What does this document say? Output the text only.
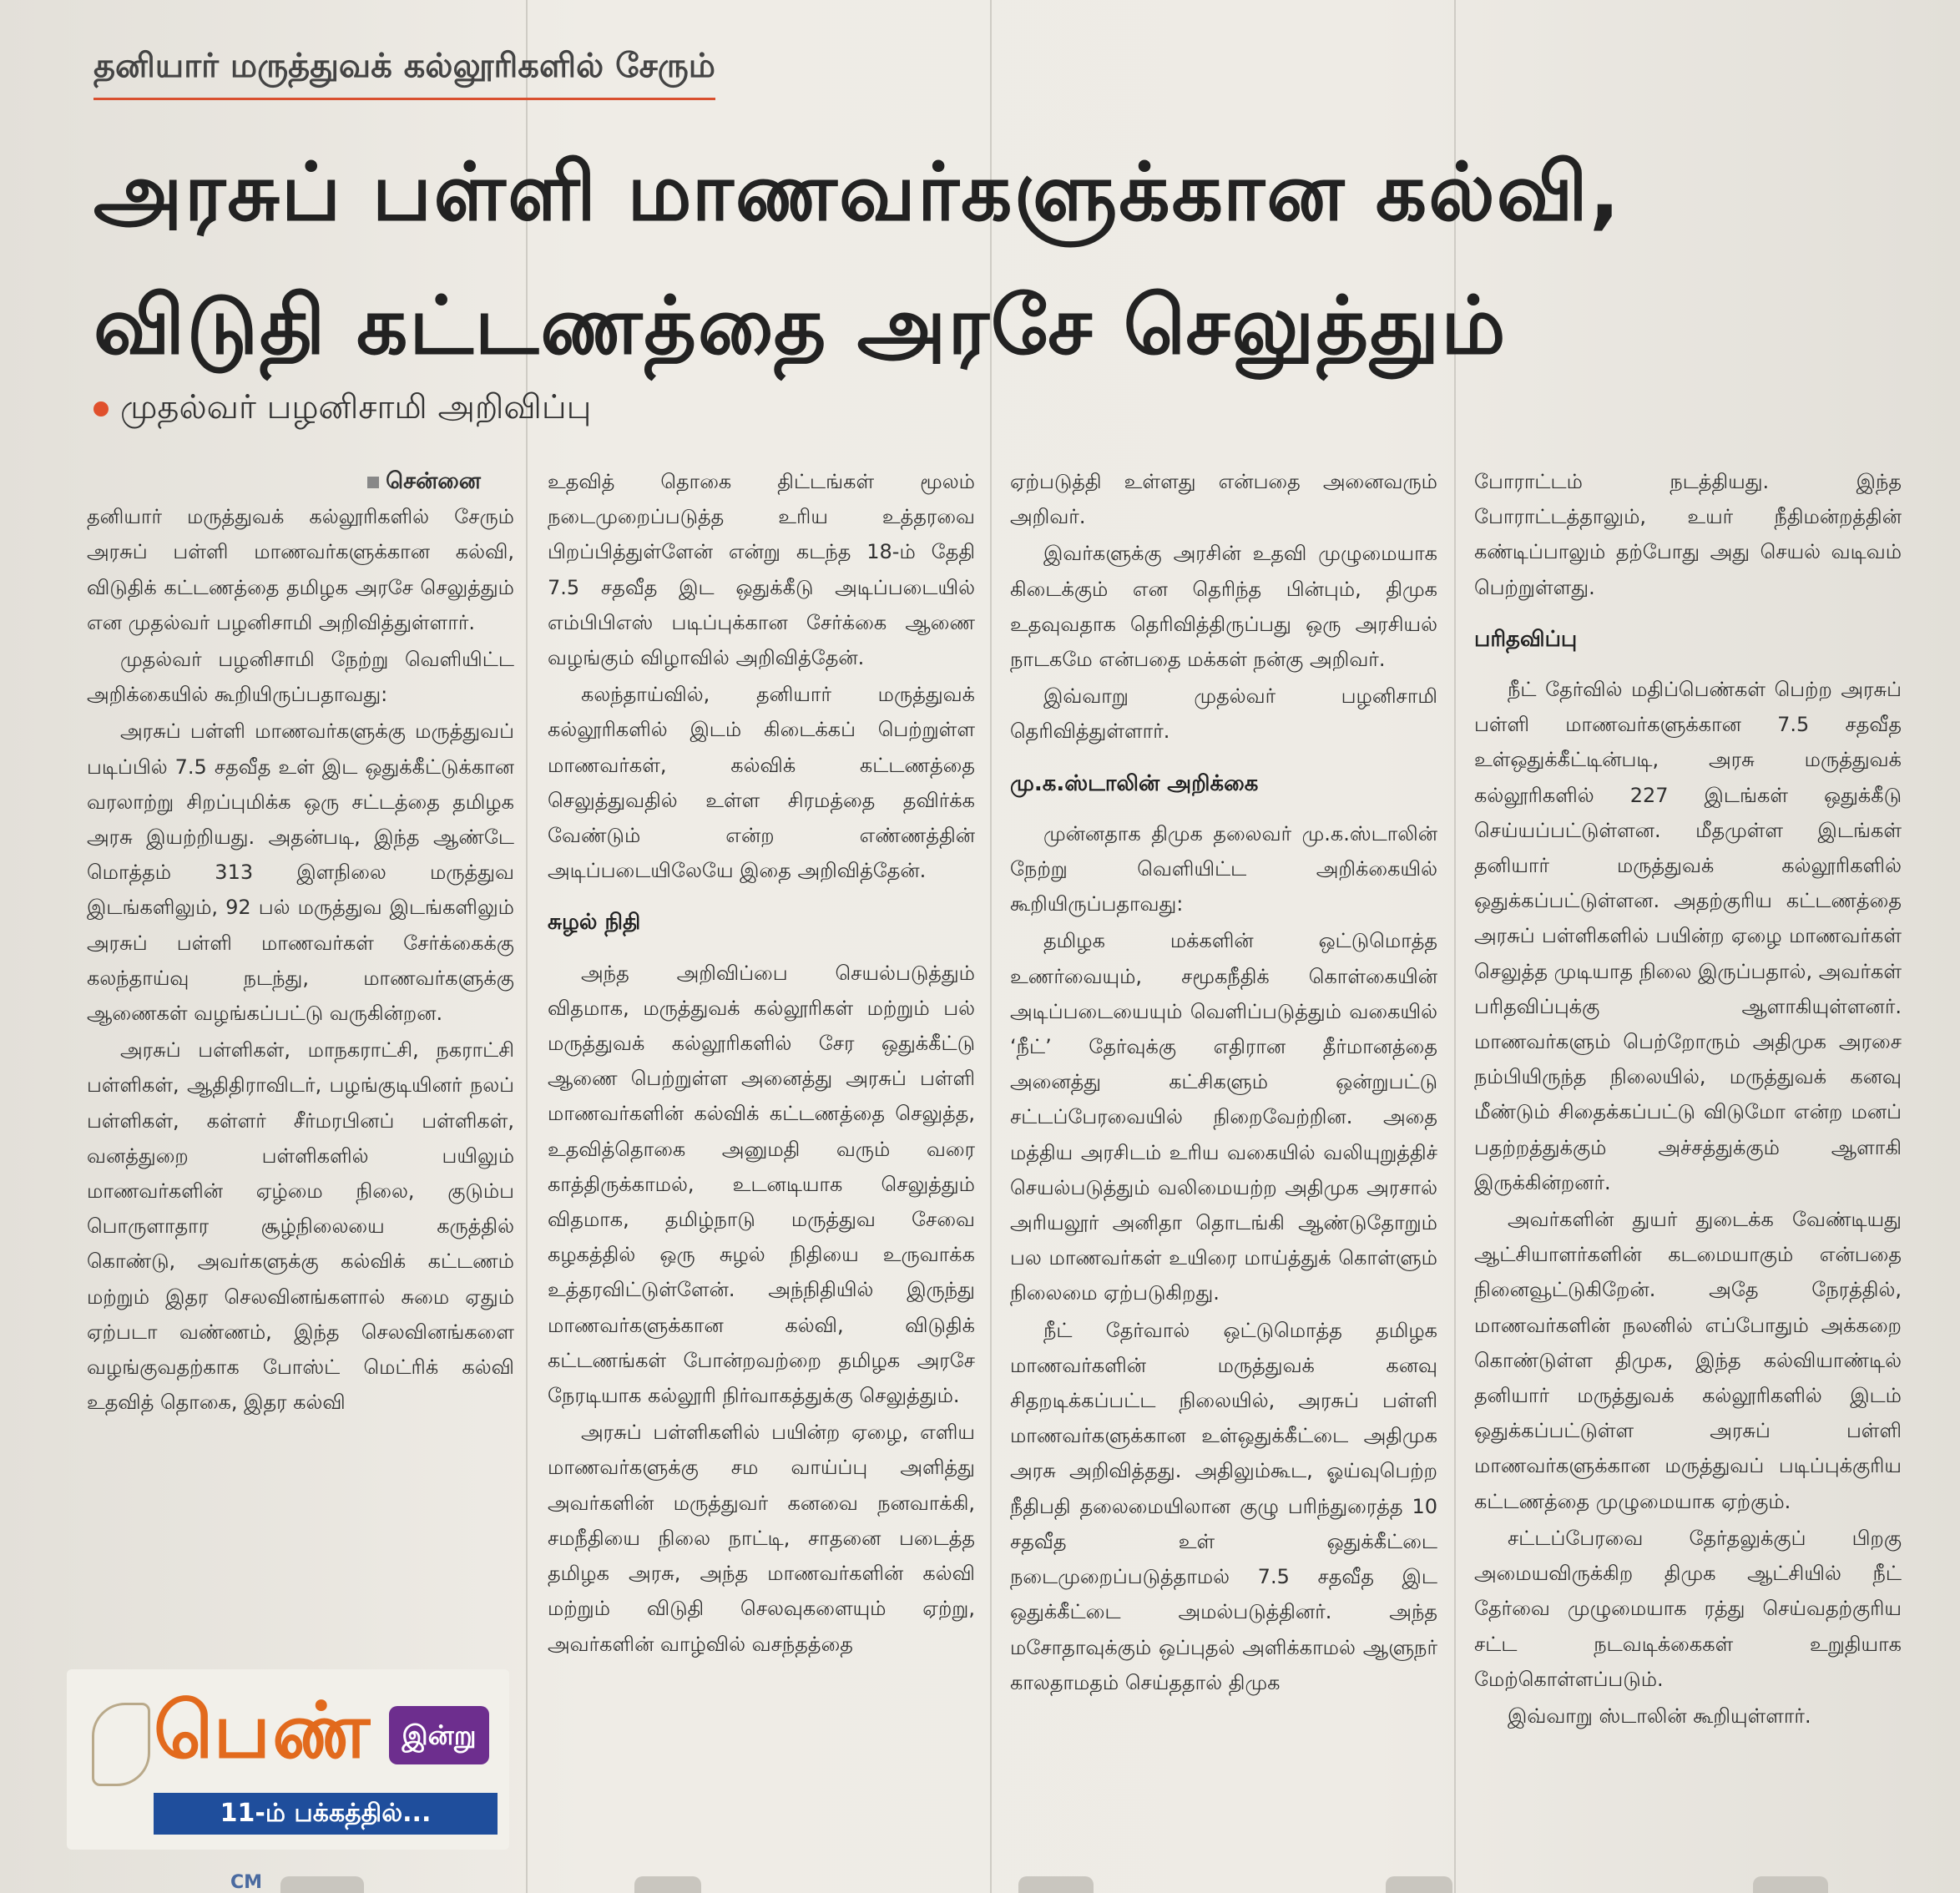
தனியார் மருத்துவக் கல்லூரிகளில் சேரும்
அரசுப் பள்ளி மாணவர்களுக்கான கல்வி,
விடுதி கட்டணத்தை அரசே செலுத்தும்
முதல்வர் பழனிசாமி அறிவிப்பு
சென்னை

தனியார் மருத்துவக் கல்லூரிகளில் சேரும் அரசுப் பள்ளி மாணவர்களுக்கான கல்வி, விடுதிக் கட்டணத்தை தமிழக அரசே செலுத்தும் என முதல்வர் பழனிசாமி அறிவித்துள்ளார்.

முதல்வர் பழனிசாமி நேற்று வெளியிட்ட அறிக்கையில் கூறியிருப்பதாவது:

அரசுப் பள்ளி மாணவர்களுக்கு மருத்துவப் படிப்பில் 7.5 சதவீத உள் இட ஒதுக்கீட்டுக்கான வரலாற்று சிறப்புமிக்க ஒரு சட்டத்தை தமிழக அரசு இயற்றியது. அதன்படி, இந்த ஆண்டே மொத்தம் 313 இளநிலை மருத்துவ இடங்களிலும், 92 பல் மருத்துவ இடங்களிலும் அரசுப் பள்ளி மாணவர்கள் சேர்க்கைக்கு கலந்தாய்வு நடந்து, மாணவர்களுக்கு ஆணைகள் வழங்கப்பட்டு வருகின்றன.

அரசுப் பள்ளிகள், மாநகராட்சி, நகராட்சி பள்ளிகள், ஆதிதிராவிடர், பழங்குடியினர் நலப் பள்ளிகள், கள்ளர் சீர்மரபினப் பள்ளிகள், வனத்துறை பள்ளிகளில் பயிலும் மாணவர்களின் ஏழ்மை நிலை, குடும்ப பொருளாதார சூழ்நிலையை கருத்தில் கொண்டு, அவர்களுக்கு கல்விக் கட்டணம் மற்றும் இதர செலவினங்களால் சுமை ஏதும் ஏற்படா வண்ணம், இந்த செலவினங்களை வழங்குவதற்காக போஸ்ட் மெட்ரிக் கல்வி உதவித் தொகை, இதர கல்வி

உதவித் தொகை திட்டங்கள் மூலம் நடைமுறைப்படுத்த உரிய உத்தரவை பிறப்பித்துள்ளேன் என்று கடந்த 18-ம் தேதி 7.5 சதவீத இட ஒதுக்கீடு அடிப்படையில் எம்பிபிஎஸ் படிப்புக்கான சேர்க்கை ஆணை வழங்கும் விழாவில் அறிவித்தேன்.

கலந்தாய்வில், தனியார் மருத்துவக் கல்லூரிகளில் இடம் கிடைக்கப் பெற்றுள்ள மாணவர்கள், கல்விக் கட்டணத்தை செலுத்துவதில் உள்ள சிரமத்தை தவிர்க்க வேண்டும் என்ற எண்ணத்தின் அடிப்படையிலேயே இதை அறிவித்தேன்.

சுழல் நிதி

அந்த அறிவிப்பை செயல்படுத்தும் விதமாக, மருத்துவக் கல்லூரிகள் மற்றும் பல் மருத்துவக் கல்லூரிகளில் சேர ஒதுக்கீட்டு ஆணை பெற்றுள்ள அனைத்து அரசுப் பள்ளி மாணவர்களின் கல்விக் கட்டணத்தை செலுத்த, உதவித்தொகை அனுமதி வரும் வரை காத்திருக்காமல், உடனடியாக செலுத்தும் விதமாக, தமிழ்நாடு மருத்துவ சேவை கழகத்தில் ஒரு சுழல் நிதியை உருவாக்க உத்தரவிட்டுள்ளேன். அந்நிதியில் இருந்து மாணவர்களுக்கான கல்வி, விடுதிக் கட்டணங்கள் போன்றவற்றை தமிழக அரசே நேரடியாக கல்லூரி நிர்வாகத்துக்கு செலுத்தும்.

அரசுப் பள்ளிகளில் பயின்ற ஏழை, எளிய மாணவர்களுக்கு சம வாய்ப்பு அளித்து அவர்களின் மருத்துவர் கனவை நனவாக்கி, சமநீதியை நிலை நாட்டி, சாதனை படைத்த தமிழக அரசு, அந்த மாணவர்களின் கல்வி மற்றும் விடுதி செலவுகளையும் ஏற்று, அவர்களின் வாழ்வில் வசந்தத்தை

ஏற்படுத்தி உள்ளது என்பதை அனைவரும் அறிவர்.

இவர்களுக்கு அரசின் உதவி முழுமையாக கிடைக்கும் என தெரிந்த பின்பும், திமுக உதவுவதாக தெரிவித்திருப்பது ஒரு அரசியல் நாடகமே என்பதை மக்கள் நன்கு அறிவர்.

இவ்வாறு முதல்வர் பழனிசாமி தெரிவித்துள்ளார்.

மு.க.ஸ்டாலின் அறிக்கை

முன்னதாக திமுக தலைவர் மு.க.ஸ்டாலின் நேற்று வெளியிட்ட அறிக்கையில் கூறியிருப்பதாவது:

தமிழக மக்களின் ஒட்டுமொத்த உணர்வையும், சமூகநீதிக் கொள்கையின் அடிப்படையையும் வெளிப்படுத்தும் வகையில் ‘நீட்’ தேர்வுக்கு எதிரான தீர்மானத்தை அனைத்து கட்சிகளும் ஒன்றுபட்டு சட்டப்பேரவையில் நிறைவேற்றின. அதை மத்திய அரசிடம் உரிய வகையில் வலியுறுத்திச் செயல்படுத்தும் வலிமையற்ற அதிமுக அரசால் அரியலூர் அனிதா தொடங்கி ஆண்டுதோறும் பல மாணவர்கள் உயிரை மாய்த்துக் கொள்ளும் நிலைமை ஏற்படுகிறது.

நீட் தேர்வால் ஒட்டுமொத்த தமிழக மாணவர்களின் மருத்துவக் கனவு சிதறடிக்கப்பட்ட நிலையில், அரசுப் பள்ளி மாணவர்களுக்கான உள்ஒதுக்கீட்டை அதிமுக அரசு அறிவித்தது. அதிலும்கூட, ஓய்வுபெற்ற நீதிபதி தலைமையிலான குழு பரிந்துரைத்த 10 சதவீத உள் ஒதுக்கீட்டை நடைமுறைப்படுத்தாமல் 7.5 சதவீத இட ஒதுக்கீட்டை அமல்படுத்தினர். அந்த மசோதாவுக்கும் ஒப்புதல் அளிக்காமல் ஆளுநர் காலதாமதம் செய்ததால் திமுக

போராட்டம் நடத்தியது. இந்த போராட்டத்தாலும், உயர் நீதிமன்றத்தின் கண்டிப்பாலும் தற்போது அது செயல் வடிவம் பெற்றுள்ளது.

பரிதவிப்பு

நீட் தேர்வில் மதிப்பெண்கள் பெற்ற அரசுப் பள்ளி மாணவர்களுக்கான 7.5 சதவீத உள்ஒதுக்கீட்டின்படி, அரசு மருத்துவக் கல்லூரிகளில் 227 இடங்கள் ஒதுக்கீடு செய்யப்பட்டுள்ளன. மீதமுள்ள இடங்கள் தனியார் மருத்துவக் கல்லூரிகளில் ஒதுக்கப்பட்டுள்ளன. அதற்குரிய கட்டணத்தை அரசுப் பள்ளிகளில் பயின்ற ஏழை மாணவர்கள் செலுத்த முடியாத நிலை இருப்பதால், அவர்கள் பரிதவிப்புக்கு ஆளாகியுள்ளனர். மாணவர்களும் பெற்றோரும் அதிமுக அரசை நம்பியிருந்த நிலையில், மருத்துவக் கனவு மீண்டும் சிதைக்கப்பட்டு விடுமோ என்ற மனப் பதற்றத்துக்கும் அச்சத்துக்கும் ஆளாகி இருக்கின்றனர்.

அவர்களின் துயர் துடைக்க வேண்டியது ஆட்சியாளர்களின் கடமையாகும் என்பதை நினைவூட்டுகிறேன். அதே நேரத்தில், மாணவர்களின் நலனில் எப்போதும் அக்கறை கொண்டுள்ள திமுக, இந்த கல்வியாண்டில் தனியார் மருத்துவக் கல்லூரிகளில் இடம் ஒதுக்கப்பட்டுள்ள அரசுப் பள்ளி மாணவர்களுக்கான மருத்துவப் படிப்புக்குரிய கட்டணத்தை முழுமையாக ஏற்கும்.

சட்டப்பேரவை தேர்தலுக்குப் பிறகு அமையவிருக்கிற திமுக ஆட்சியில் நீட் தேர்வை முழுமையாக ரத்து செய்வதற்குரிய சட்ட நடவடிக்கைகள் உறுதியாக மேற்கொள்ளப்படும்.

இவ்வாறு ஸ்டாலின் கூறியுள்ளார்.

பெண்	இன்று
11-ம் பக்கத்தில்...
CM
